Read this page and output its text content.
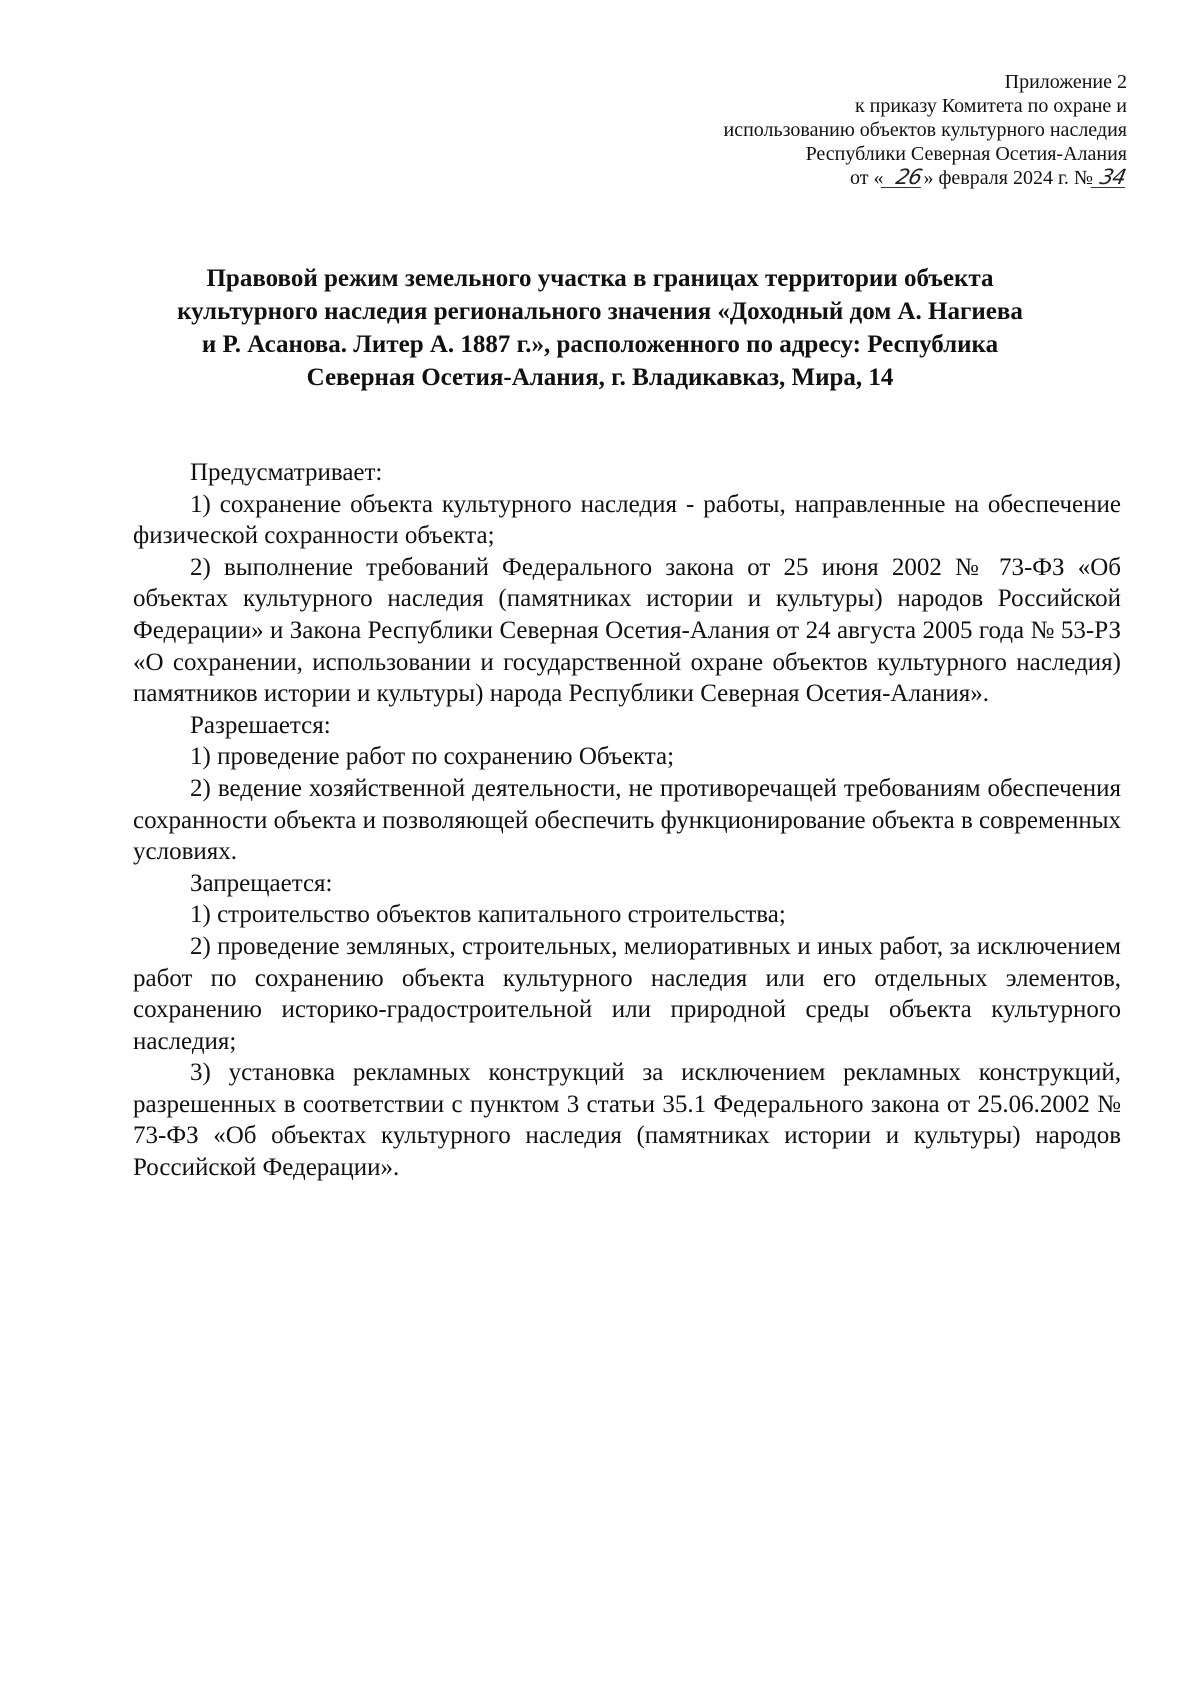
Приложение 2
к приказу Комитета по охране и
использованию объектов культурного наследия
Республики Северная Осетия-Алания
от « 26» февраля 2024 г. № 34
Правовой режим земельного участка в границах территории объекта
культурного наследия регионального значения «Доходный дом А. Нагиева
и Р. Асанова. Литер А. 1887 г.», расположенного по адресу: Республика
Северная Осетия-Алания, г. Владикавказ, Мира, 14

Предусматривает:

1) сохранение объекта культурного наследия - работы, направленные на обеспечение физической сохранности объекта;

2) выполнение требований Федерального закона от 25 июня 2002 № 73-ФЗ «Об объектах культурного наследия (памятниках истории и культуры) народов Российской Федерации» и Закона Республики Северная Осетия-Алания от 24 августа 2005 года № 53-РЗ «О сохранении, использовании и государственной охране объектов культурного наследия) памятников истории и культуры) народа Республики Северная Осетия-Алания».

Разрешается:

1) проведение работ по сохранению Объекта;

2) ведение хозяйственной деятельности, не противоречащей требованиям обеспечения сохранности объекта и позволяющей обеспечить функционирование объекта в современных условиях.

Запрещается:

1) строительство объектов капитального строительства;

2) проведение земляных, строительных, мелиоративных и иных работ, за исключением работ по сохранению объекта культурного наследия или его отдельных элементов, сохранению историко-градостроительной или природной среды объекта культурного наследия;

3) установка рекламных конструкций за исключением рекламных конструкций, разрешенных в соответствии с пунктом 3 статьи 35.1 Федерального закона от 25.06.2002 № 73-ФЗ «Об объектах культурного наследия (памятниках истории и культуры) народов Российской Федерации».
